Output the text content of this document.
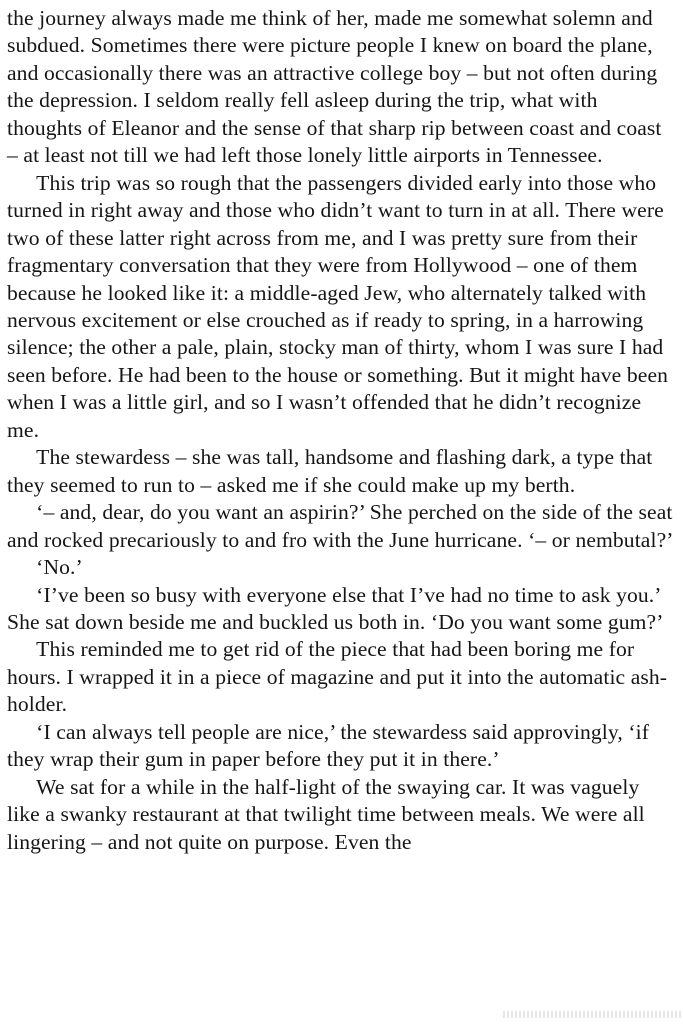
the journey always made me think of her, made me somewhat solemn and subdued. Sometimes there were picture people I knew on board the plane, and occasionally there was an attractive college boy – but not often during the depression. I seldom really fell asleep during the trip, what with thoughts of Eleanor and the sense of that sharp rip between coast and coast – at least not till we had left those lonely little airports in Tennessee.

This trip was so rough that the passengers divided early into those who turned in right away and those who didn’t want to turn in at all. There were two of these latter right across from me, and I was pretty sure from their fragmentary conversation that they were from Hollywood – one of them because he looked like it: a middle-aged Jew, who alternately talked with nervous excitement or else crouched as if ready to spring, in a harrowing silence; the other a pale, plain, stocky man of thirty, whom I was sure I had seen before. He had been to the house or something. But it might have been when I was a little girl, and so I wasn’t offended that he didn’t recognize me.

The stewardess – she was tall, handsome and flashing dark, a type that they seemed to run to – asked me if she could make up my berth.

‘– and, dear, do you want an aspirin?’ She perched on the side of the seat and rocked precariously to and fro with the June hurricane. ‘– or nembutal?’

‘No.’

‘I’ve been so busy with everyone else that I’ve had no time to ask you.’ She sat down beside me and buckled us both in. ‘Do you want some gum?’

This reminded me to get rid of the piece that had been boring me for hours. I wrapped it in a piece of magazine and put it into the automatic ash-holder.

‘I can always tell people are nice,’ the stewardess said approvingly, ‘if they wrap their gum in paper before they put it in there.’

We sat for a while in the half-light of the swaying car. It was vaguely like a swanky restaurant at that twilight time between meals. We were all lingering – and not quite on purpose. Even the
